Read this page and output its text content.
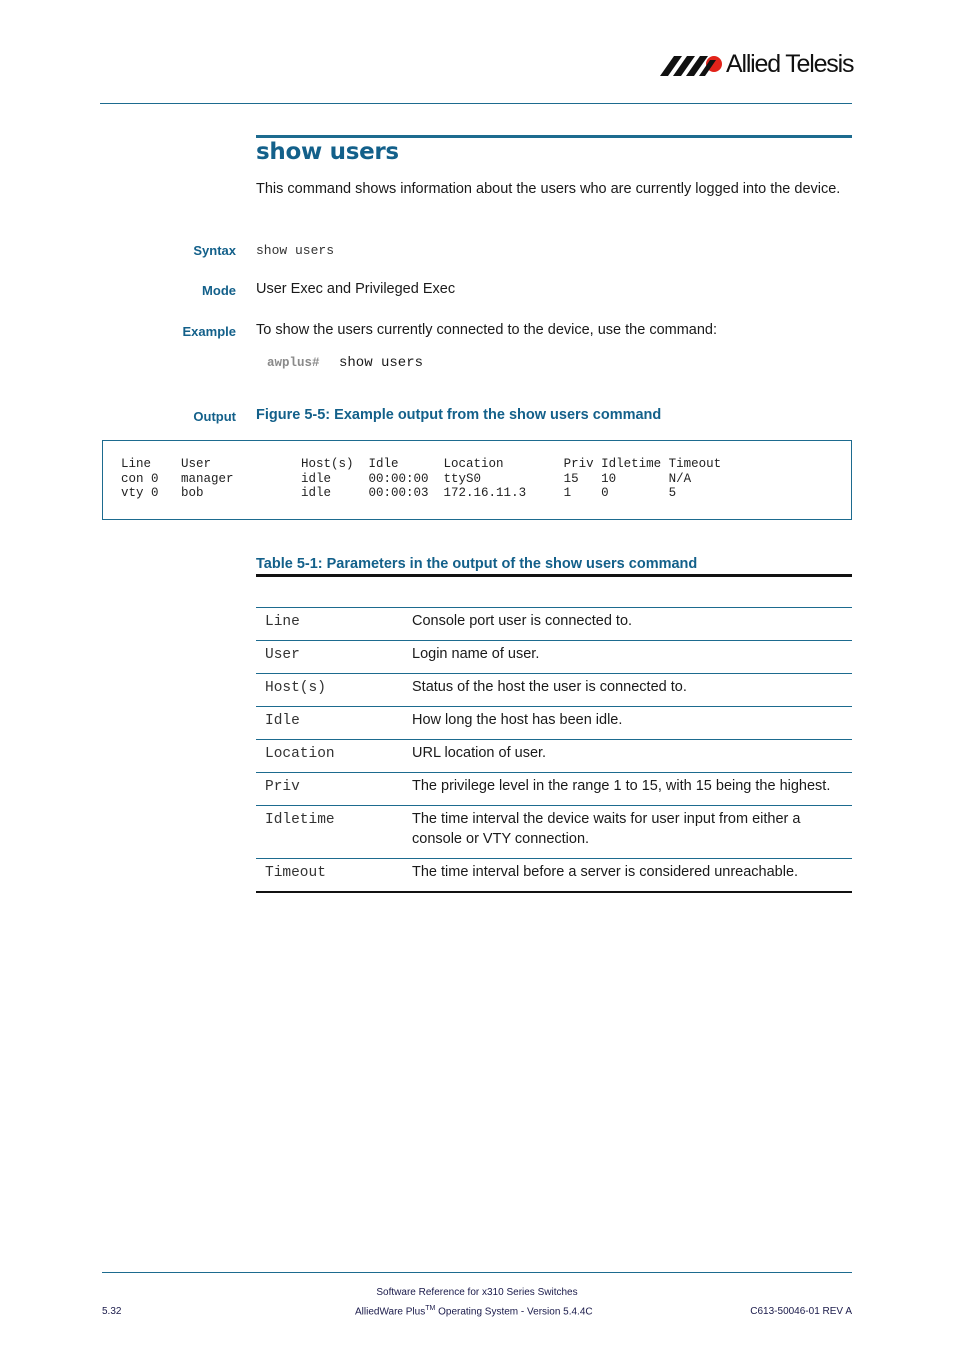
Allied Telesis
show users
This command shows information about the users who are currently logged into the device.
Syntax show users
Mode User Exec and Privileged Exec
Example To show the users currently connected to the device, use the command:
awplus# show users
Output Figure 5-5: Example output from the show users command
Line    User            Host(s)  Idle      Location        Priv Idletime Timeout
con 0   manager         idle     00:00:00  ttyS0           15   10       N/A
vty 0   bob             idle     00:00:03  172.16.11.3     1    0        5
Table 5-1: Parameters in the output of the show users command
Line	Console port user is connected to.
User	Login name of user.
Host(s)	Status of the host the user is connected to.
Idle	How long the host has been idle.
Location	URL location of user.
Priv	The privilege level in the range 1 to 15, with 15 being the highest.
Idletime	The time interval the device waits for user input from either a console or VTY connection.
Timeout	The time interval before a server is considered unreachable.
Software Reference for x310 Series Switches
AlliedWare Plus™ Operating System - Version 5.4.4C
5.32	C613-50046-01 REV A
